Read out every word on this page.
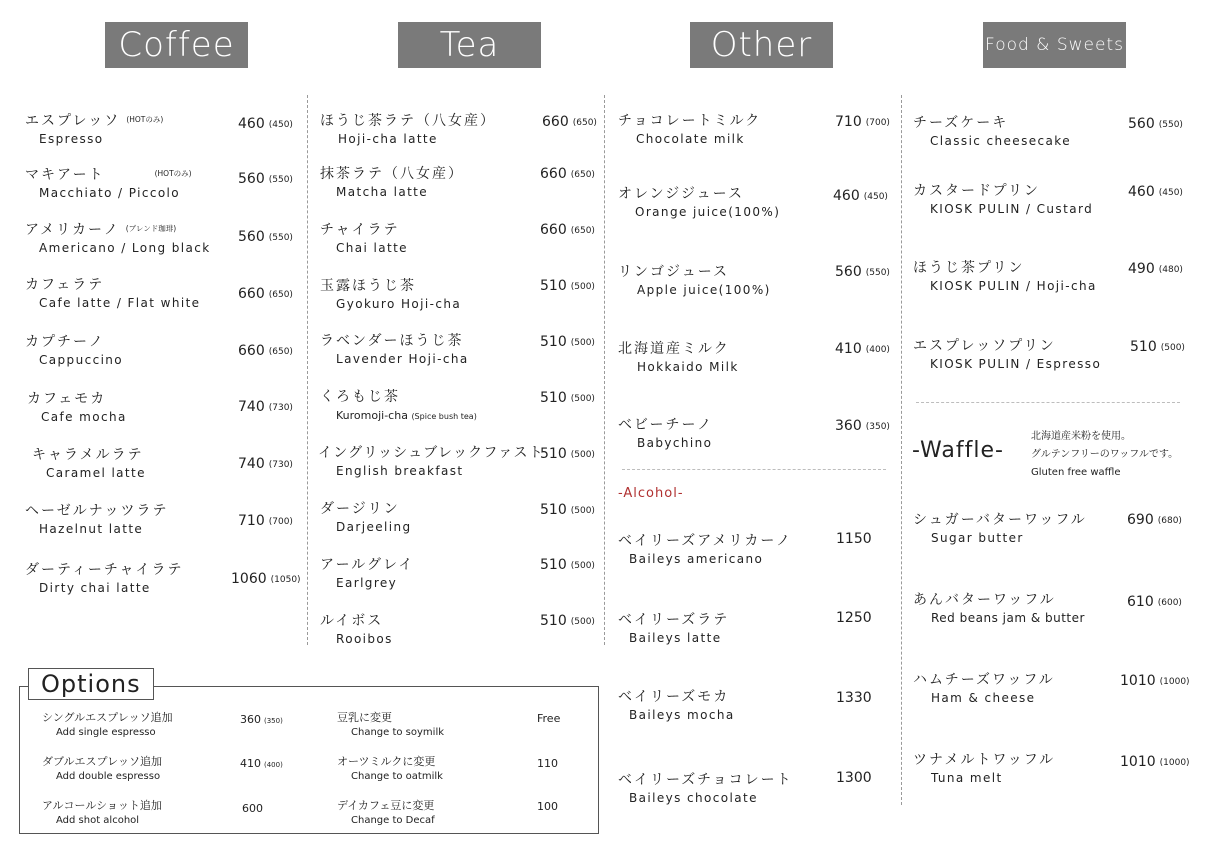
Coffee	Tea	Other	Food & Sweets
エスプレッソ $^{(HOTのみ)}$
Espresso
460 (450)
マキアート	$^{(HOTのみ)}$
Macchiato / Piccolo
560 (550)
アメリカーノ $^{(ブレンド珈琲)}$
Americano / Long black
560 (550)
カフェラテ
Cafe latte / Flat white
660 (650)
カプチーノ
Cappuccino
660 (650)
カフェモカ
Cafe mocha
740 (730)
キャラメルラテ
Caramel latte
740 (730)
ヘーゼルナッツラテ
Hazelnut latte	710 (700)
ダーティーチャイラテ
Dirty chai latte
1060 (1050)
ほうじ茶ラテ（八女産）
Hoji-cha latte
660 (650)
抹茶ラテ（八女産）
Matcha latte
660 (650)
チャイラテ
Chai latte
660 (650)
玉露ほうじ茶
Gyokuro Hoji-cha
510 (500)
ラベンダーほうじ茶
Lavender Hoji-cha
510 (500)
くろもじ茶
Kuromoji-cha (Spice bush tea)
510 (500)
イングリッシュブレックファスト
English breakfast
510 (500)
ダージリン
Darjeeling
510 (500)
アールグレイ
Earlgrey
510 (500)
ルイボス
Rooibos
510 (500)
チョコレートミルク
Chocolate milk
710 (700)
オレンジジュース
Orange juice(100%)
460 (450)
リンゴジュース
Apple juice(100%)
560 (550)
北海道産ミルク
Hokkaido Milk
410 (400)
ベビーチーノ
Babychino
360 (350)
-Alcohol-
ベイリーズアメリカーノ
Baileys americano
1150
ベイリーズラテ
Baileys latte
1250
ベイリーズモカ
Baileys mocha
1330
ベイリーズチョコレート
Baileys chocolate
1300
チーズケーキ
Classic cheesecake
560 (550)
カスタードプリン
KIOSK PULIN / Custard
460 (450)
ほうじ茶プリン
KIOSK PULIN / Hoji-cha
490 (480)
エスプレッソプリン
KIOSK PULIN / Espresso
510 (500)
-Waffle-
北海道産米粉を使用。
グルテンフリーのワッフルです。
Gluten free waffle
シュガーバターワッフル
Sugar butter
690 (680)
あんバターワッフル
Red beans jam & butter
610 (600)
ハムチーズワッフル
Ham & cheese
1010 (1000)
ツナメルトワッフル
Tuna melt
1010 (1000)
Options
シングルエスプレッソ追加
Add single espresso
360 (350)
ダブルエスプレッソ追加
Add double espresso
410 (400)
アルコールショット追加
Add shot alcohol
600
豆乳に変更
Change to soymilk
Free
オーツミルクに変更
Change to oatmilk
110
デイカフェ豆に変更
Change to Decaf
100
